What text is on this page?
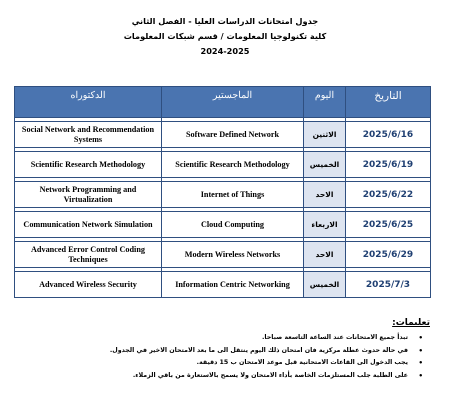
جدول امتحانات الدراسات العليا - الفصل الثاني
كلية تكنولوجيا المعلومات / قسم شبكات المعلومات
2024-2025
الدكتوراه	الماجستير	اليوم	التاريخ

Social Network and Recommendation Systems	Software Defined Network	الاثنين	2025/6/16

Scientific Research Methodology	Scientific Research Methodology	الخميس	2025/6/19

Network Programming and Virtualization	Internet of Things	الاحد	2025/6/22

Communication Network Simulation	Cloud Computing	الاربعاء	2025/6/25

Advanced Error Control Coding Techniques	Modern Wireless Networks	الاحد	2025/6/29

Advanced Wireless Security	Information Centric Networking	الخميس	2025/7/3
تعليمات:
•
تبدأ جميع الامتحانات عند الساعة التاسعة صباحا.
•
في حالة حدوث عطلة مركزية فان امتحان ذلك اليوم ينتقل الى ما بعد الامتحان الاخير في الجدول.
•
يجب الدخول الى القاعات الامتحانية قبل موعد الامتحان ب 15 دقيقة.
•
على الطلبة جلب المستلزمات الخاصة بأداء الامتحان ولا يسمح بالاستعارة من باقي الزملاء.
